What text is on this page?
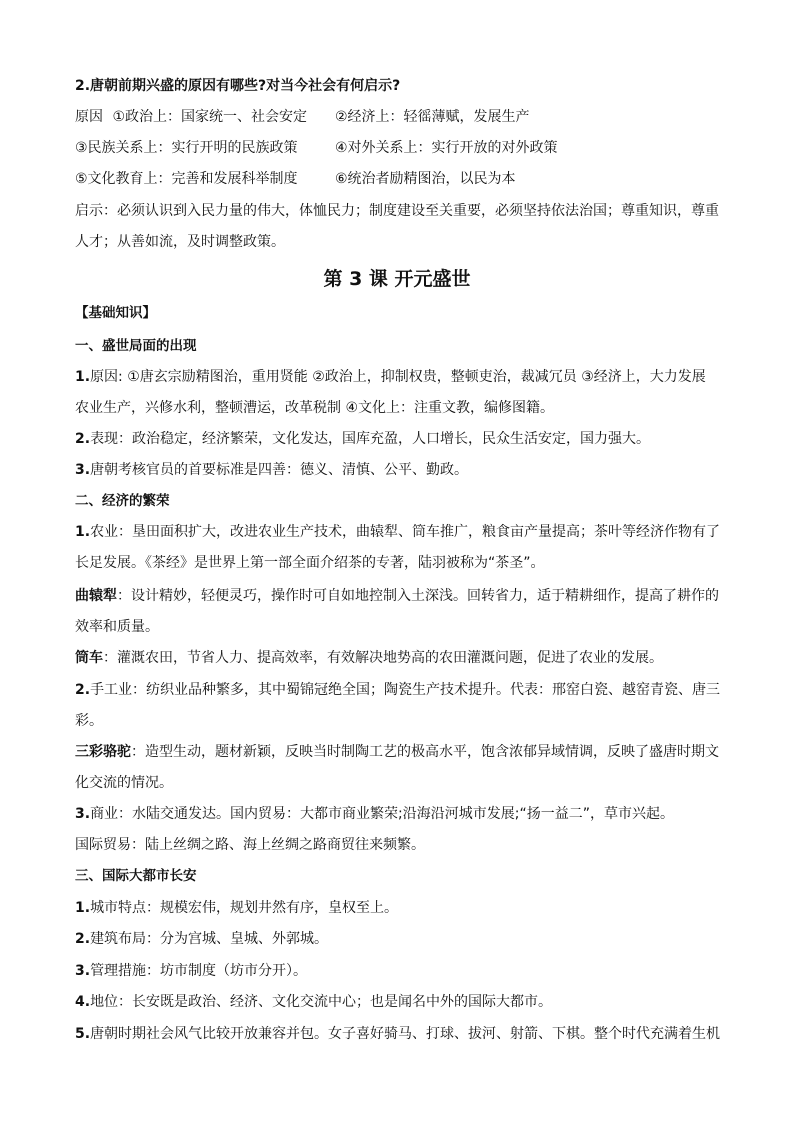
2.唐朝前期兴盛的原因有哪些?对当今社会有何启示?
原因 ①政治上：国家统一、社会安定 ②经济上：轻徭薄赋，发展生产
③民族关系上：实行开明的民族政策	④对外关系上：实行开放的对外政策
⑤文化教育上：完善和发展科举制度	⑥统治者励精图治，以民为本
启示：必须认识到入民力量的伟大，体恤民力；制度建设至关重要，必须坚持依法治国；尊重知识，尊重
人才；从善如流，及时调整政策。
第 3 课 开元盛世
【基础知识】
一、盛世局面的出现
1.原因: ①唐玄宗励精图治，重用贤能 ②政治上，抑制权贵，整顿吏治，裁减冗员 ③经济上，大力发展
农业生产，兴修水利，整顿漕运，改革税制 ④文化上：注重文教，编修图籍。
2.表现：政治稳定，经济繁荣，文化发达，国库充盈，人口增长，民众生活安定，国力强大。
3.唐朝考核官员的首要标准是四善：德义、清慎、公平、勤政。
二、经济的繁荣
1.农业：垦田面积扩大，改进农业生产技术，曲辕犁、筒车推广，粮食亩产量提高；茶叶等经济作物有了
长足发展。《茶经》是世界上第一部全面介绍茶的专著，陆羽被称为“茶圣”。
曲辕犁：设计精妙，轻便灵巧，操作时可自如地控制入土深浅。回转省力，适于精耕细作，提高了耕作的
效率和质量。
筒车：灌溉农田，节省人力、提高效率，有效解决地势高的农田灌溉问题，促进了农业的发展。
2.手工业：纺织业品种繁多，其中蜀锦冠绝全国；陶瓷生产技术提升。代表：邢窑白瓷、越窑青瓷、唐三
彩。
三彩骆驼：造型生动，题材新颖，反映当时制陶工艺的极高水平，饱含浓郁异域情调，反映了盛唐时期文
化交流的情况。
3.商业：水陆交通发达。国内贸易：大都市商业繁荣;沿海沿河城市发展;“扬一益二”，草市兴起。
国际贸易：陆上丝绸之路、海上丝绸之路商贸往来频繁。
三、国际大都市长安
1.城市特点：规模宏伟，规划井然有序，皇权至上。
2.建筑布局：分为宫城、皇城、外郭城。
3.管理措施：坊市制度（坊市分开）。
4.地位：长安既是政治、经济、文化交流中心；也是闻名中外的国际大都市。
5.唐朝时期社会风气比较开放兼容并包。女子喜好骑马、打球、拔河、射箭、下棋。整个时代充满着生机
